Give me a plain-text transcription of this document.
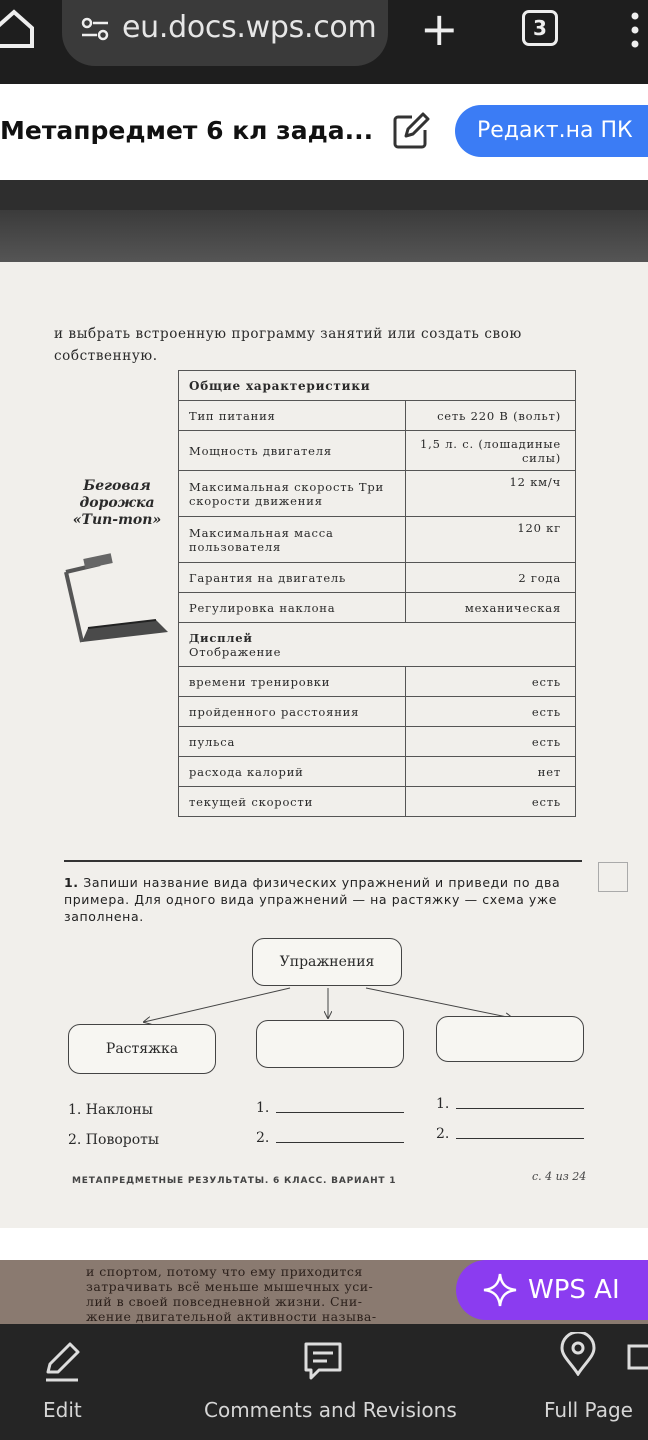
eu.docs.wps.com +	3
Метапредмет 6 кл зада...	Редакт.на ПК
и выбрать встроенную программу занятий или создать свою
собственную.
Беговая
дорожка
«Тип-топ»
Общие характеристики	
Тип питания	сеть 220 В (вольт)
Мощность двигателя	1,5 л. с. (лошадиные силы)
Максимальная скорость Три скорости движения	12 км/ч
Максимальная масса пользователя	120 кг
Гарантия на двигатель	2 года
Регулировка наклона	механическая

Дисплей
Отображение	

времени тренировки	есть
пройденного расстояния	есть
пульса	есть
расхода калорий	нет
текущей скорости	есть
1. Запиши название вида физических упражнений и приведи по два примера. Для одного вида упражнений — на растяжку — схема уже заполнена.
Упражнения
Растяжка
1. Наклоны
2. Повороты
1.
2.
1.
2.
МЕТАПРЕДМЕТНЫЕ РЕЗУЛЬТАТЫ. 6 КЛАСС. ВАРИАНТ 1	с. 4 из 24
и спортом, потому что ему приходится
затрачивать всё меньше мышечных уси-
лий в своей повседневной жизни. Сни-
жение двигательной активности называ-
WPS AI
Edit	Comments and Revisions	Full Page
